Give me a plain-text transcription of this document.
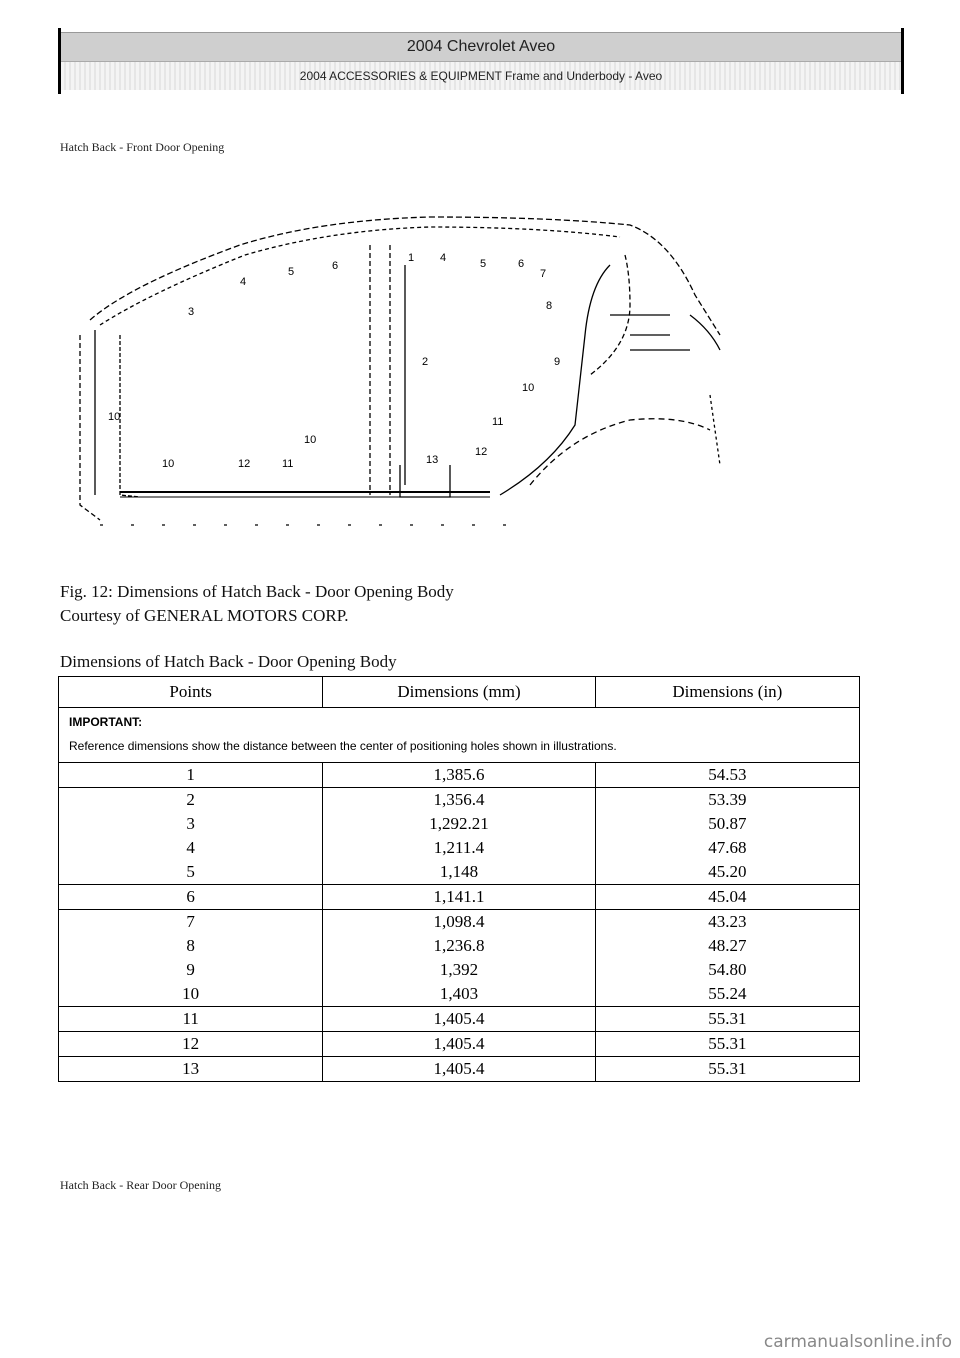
2004 Chevrolet Aveo
2004 ACCESSORIES & EQUIPMENT Frame and Underbody - Aveo
Hatch Back - Front Door Opening
10
10	12	11
3
4
5	6
1 4	5	6
7
8
2	9
10
11
10
13
12
Fig. 12: Dimensions of Hatch Back - Door Opening Body
Courtesy of GENERAL MOTORS CORP.
Dimensions of Hatch Back - Door Opening Body
Points	Dimensions (mm)	Dimensions (in)

IMPORTANT:
Reference dimensions show the distance between the center of positioning holes shown in illustrations.		

1	1,385.6	54.53
2	1,356.4	53.39
3	1,292.21	50.87
4	1,211.4	47.68
5	1,148	45.20
6	1,141.1	45.04
7	1,098.4	43.23
8	1,236.8	48.27
9	1,392	54.80
10	1,403	55.24
11	1,405.4	55.31
12	1,405.4	55.31
13	1,405.4	55.31
Hatch Back - Rear Door Opening
carmanualsonline.info
